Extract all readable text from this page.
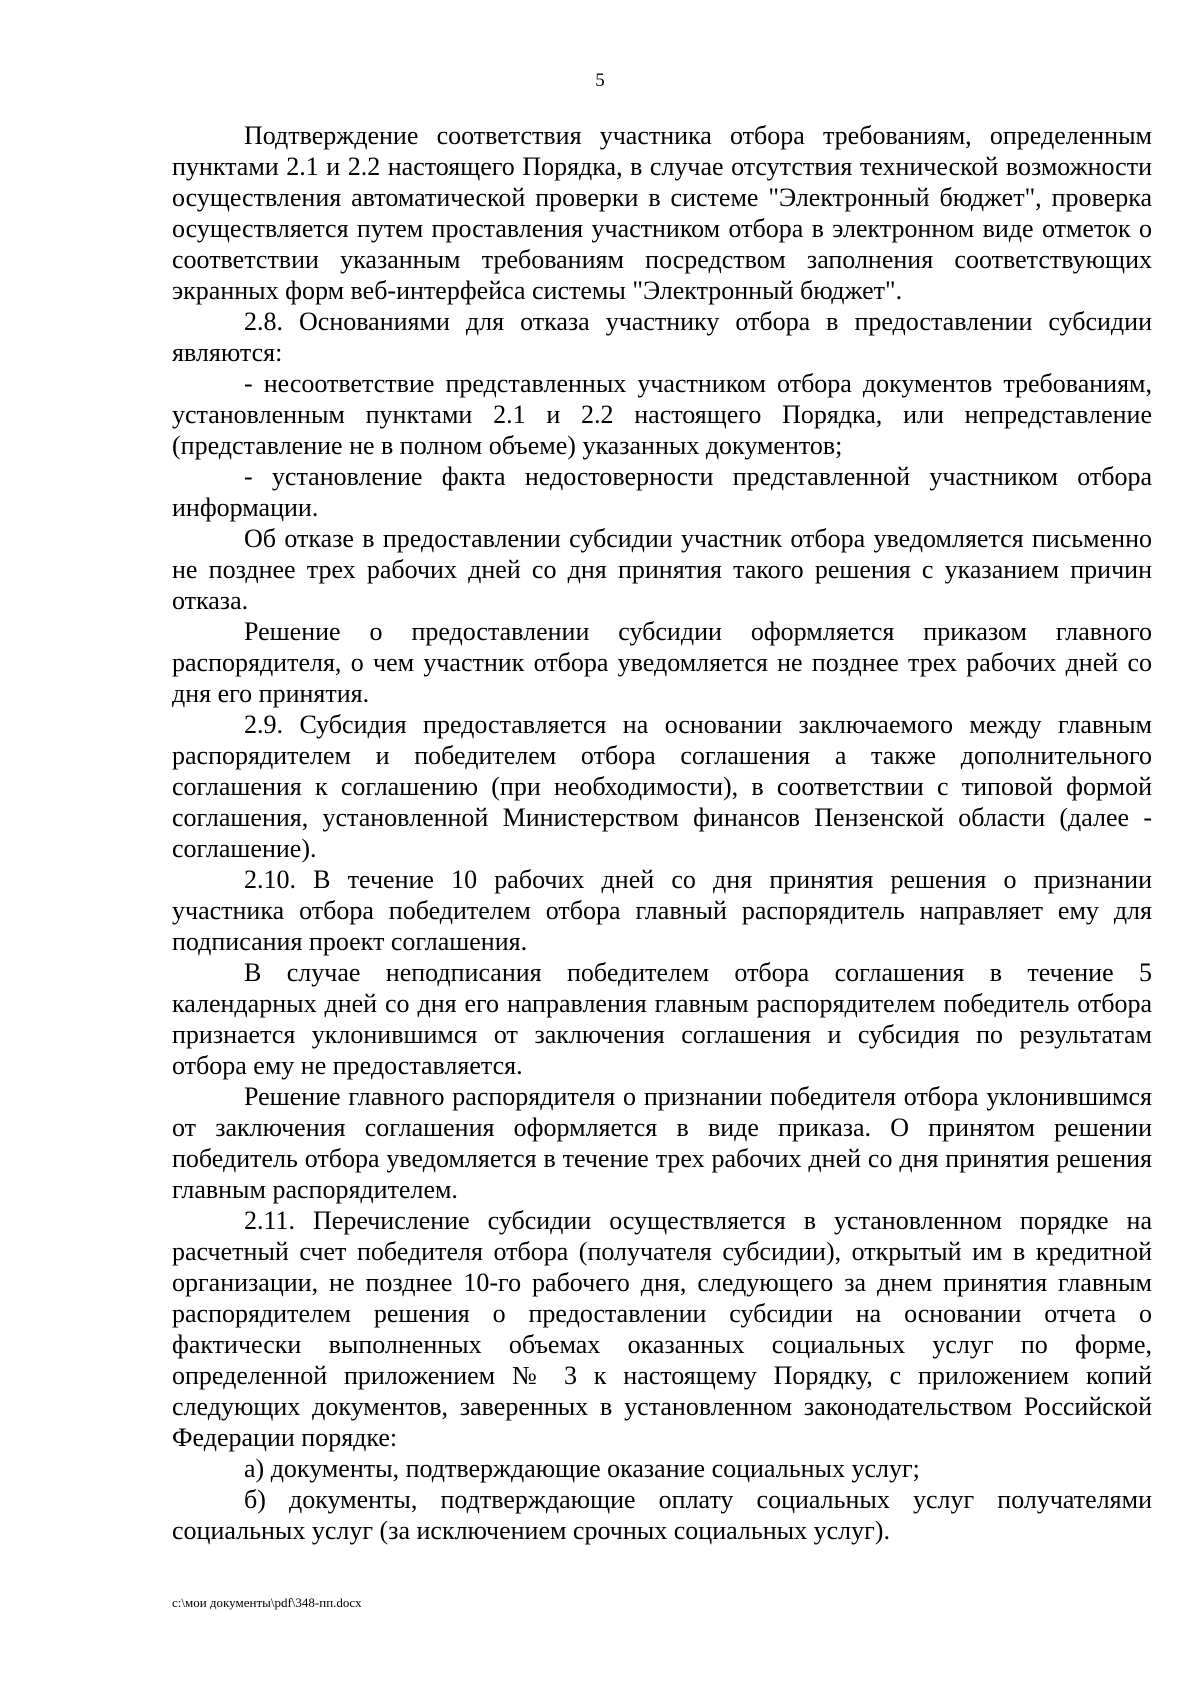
5

Подтверждение соответствия участника отбора требованиям, определенным пунктами 2.1 и 2.2 настоящего Порядка, в случае отсутствия технической возможности осуществления автоматической проверки в системе "Электронный бюджет", проверка осуществляется путем проставления участником отбора в электронном виде отметок о соответствии указанным требованиям посредством заполнения соответствующих экранных форм веб-интерфейса системы "Электронный бюджет".

2.8. Основаниями для отказа участнику отбора в предоставлении субсидии являются:

- несоответствие представленных участником отбора документов требованиям, установленным пунктами 2.1 и 2.2 настоящего Порядка, или непредставление (представление не в полном объеме) указанных документов;

- установление факта недостоверности представленной участником отбора информации.

Об отказе в предоставлении субсидии участник отбора уведомляется письменно не позднее трех рабочих дней со дня принятия такого решения с указанием причин отказа.

Решение о предоставлении субсидии оформляется приказом главного распорядителя, о чем участник отбора уведомляется не позднее трех рабочих дней со дня его принятия.

2.9. Субсидия предоставляется на основании заключаемого между главным распорядителем и победителем отбора соглашения а также дополнительного соглашения к соглашению (при необходимости), в соответствии с типовой формой соглашения, установленной Министерством финансов Пензенской области (далее - соглашение).

2.10. В течение 10 рабочих дней со дня принятия решения о признании участника отбора победителем отбора главный распорядитель направляет ему для подписания проект соглашения.

В случае неподписания победителем отбора соглашения в течение 5 календарных дней со дня его направления главным распорядителем победитель отбора признается уклонившимся от заключения соглашения и субсидия по результатам отбора ему не предоставляется.

Решение главного распорядителя о признании победителя отбора уклонившимся от заключения соглашения оформляется в виде приказа. О принятом решении победитель отбора уведомляется в течение трех рабочих дней со дня принятия решения главным распорядителем.

2.11. Перечисление субсидии осуществляется в установленном порядке на расчетный счет победителя отбора (получателя субсидии), открытый им в кредитной организации, не позднее 10-го рабочего дня, следующего за днем принятия главным распорядителем решения о предоставлении субсидии на основании отчета о фактически выполненных объемах оказанных социальных услуг по форме, определенной приложением № 3 к настоящему Порядку, с приложением копий следующих документов, заверенных в установленном законодательством Российской Федерации порядке:

а) документы, подтверждающие оказание социальных услуг;

б) документы, подтверждающие оплату социальных услуг получателями социальных услуг (за исключением срочных социальных услуг).

c:\мои документы\pdf\348-пп.docx
